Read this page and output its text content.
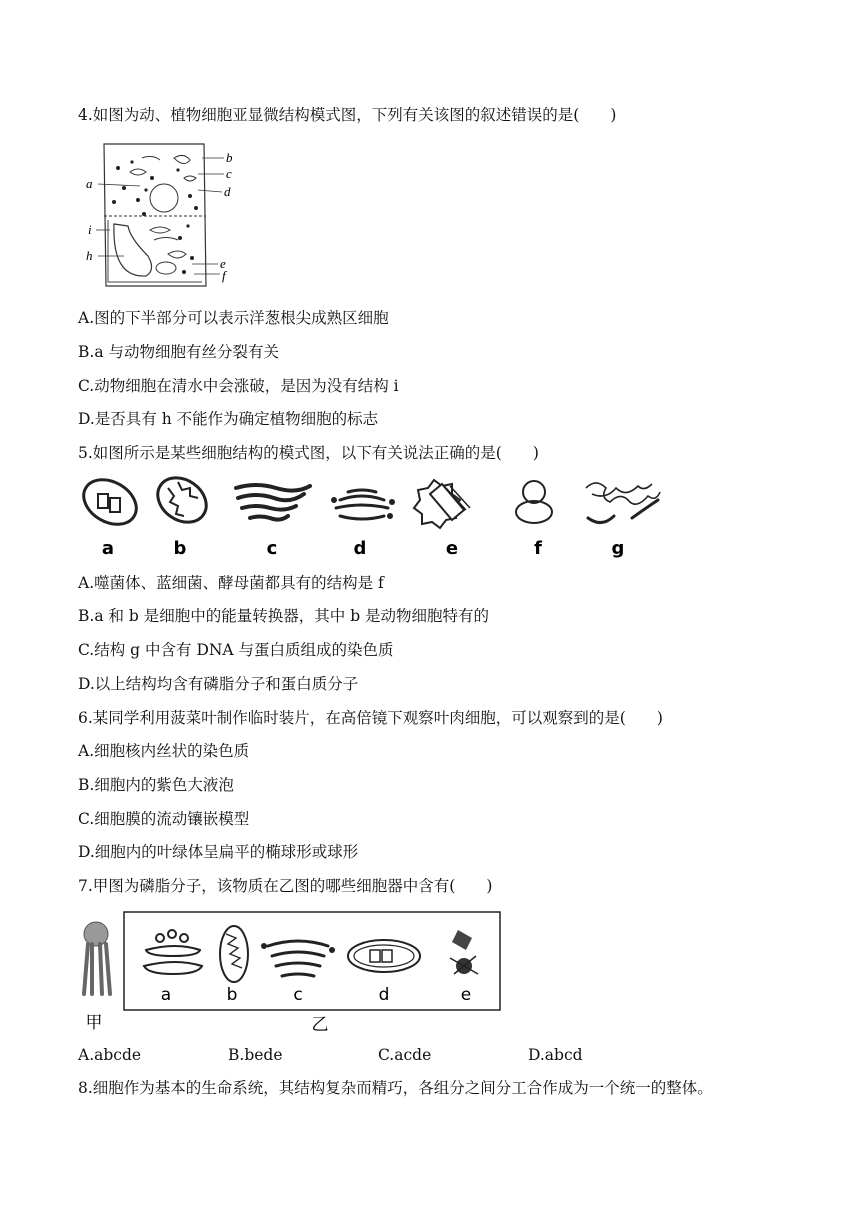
4.如图为动、植物细胞亚显微结构模式图，下列有关该图的叙述错误的是(　　)
a
b
c
d
i
h
e
f
A.图的下半部分可以表示洋葱根尖成熟区细胞
B.a 与动物细胞有丝分裂有关
C.动物细胞在清水中会涨破，是因为没有结构 i
D.是否具有 h 不能作为确定植物细胞的标志
5.如图所示是某些细胞结构的模式图，以下有关说法正确的是(　　)
a	b	c	d	e	f	g
A.噬菌体、蓝细菌、酵母菌都具有的结构是 f
B.a 和 b 是细胞中的能量转换器，其中 b 是动物细胞特有的
C.结构 g 中含有 DNA 与蛋白质组成的染色质
D.以上结构均含有磷脂分子和蛋白质分子
6.某同学利用菠菜叶制作临时装片，在高倍镜下观察叶肉细胞，可以观察到的是(　　)
A.细胞核内丝状的染色质
B.细胞内的紫色大液泡
C.细胞膜的流动镶嵌模型
D.细胞内的叶绿体呈扁平的椭球形或球形
7.甲图为磷脂分子，该物质在乙图的哪些细胞器中含有(　　)
甲
a	b	c	d	e
乙
A.abcde	B.bede	C.acde	D.abcd
8.细胞作为基本的生命系统，其结构复杂而精巧，各组分之间分工合作成为一个统一的整体。
